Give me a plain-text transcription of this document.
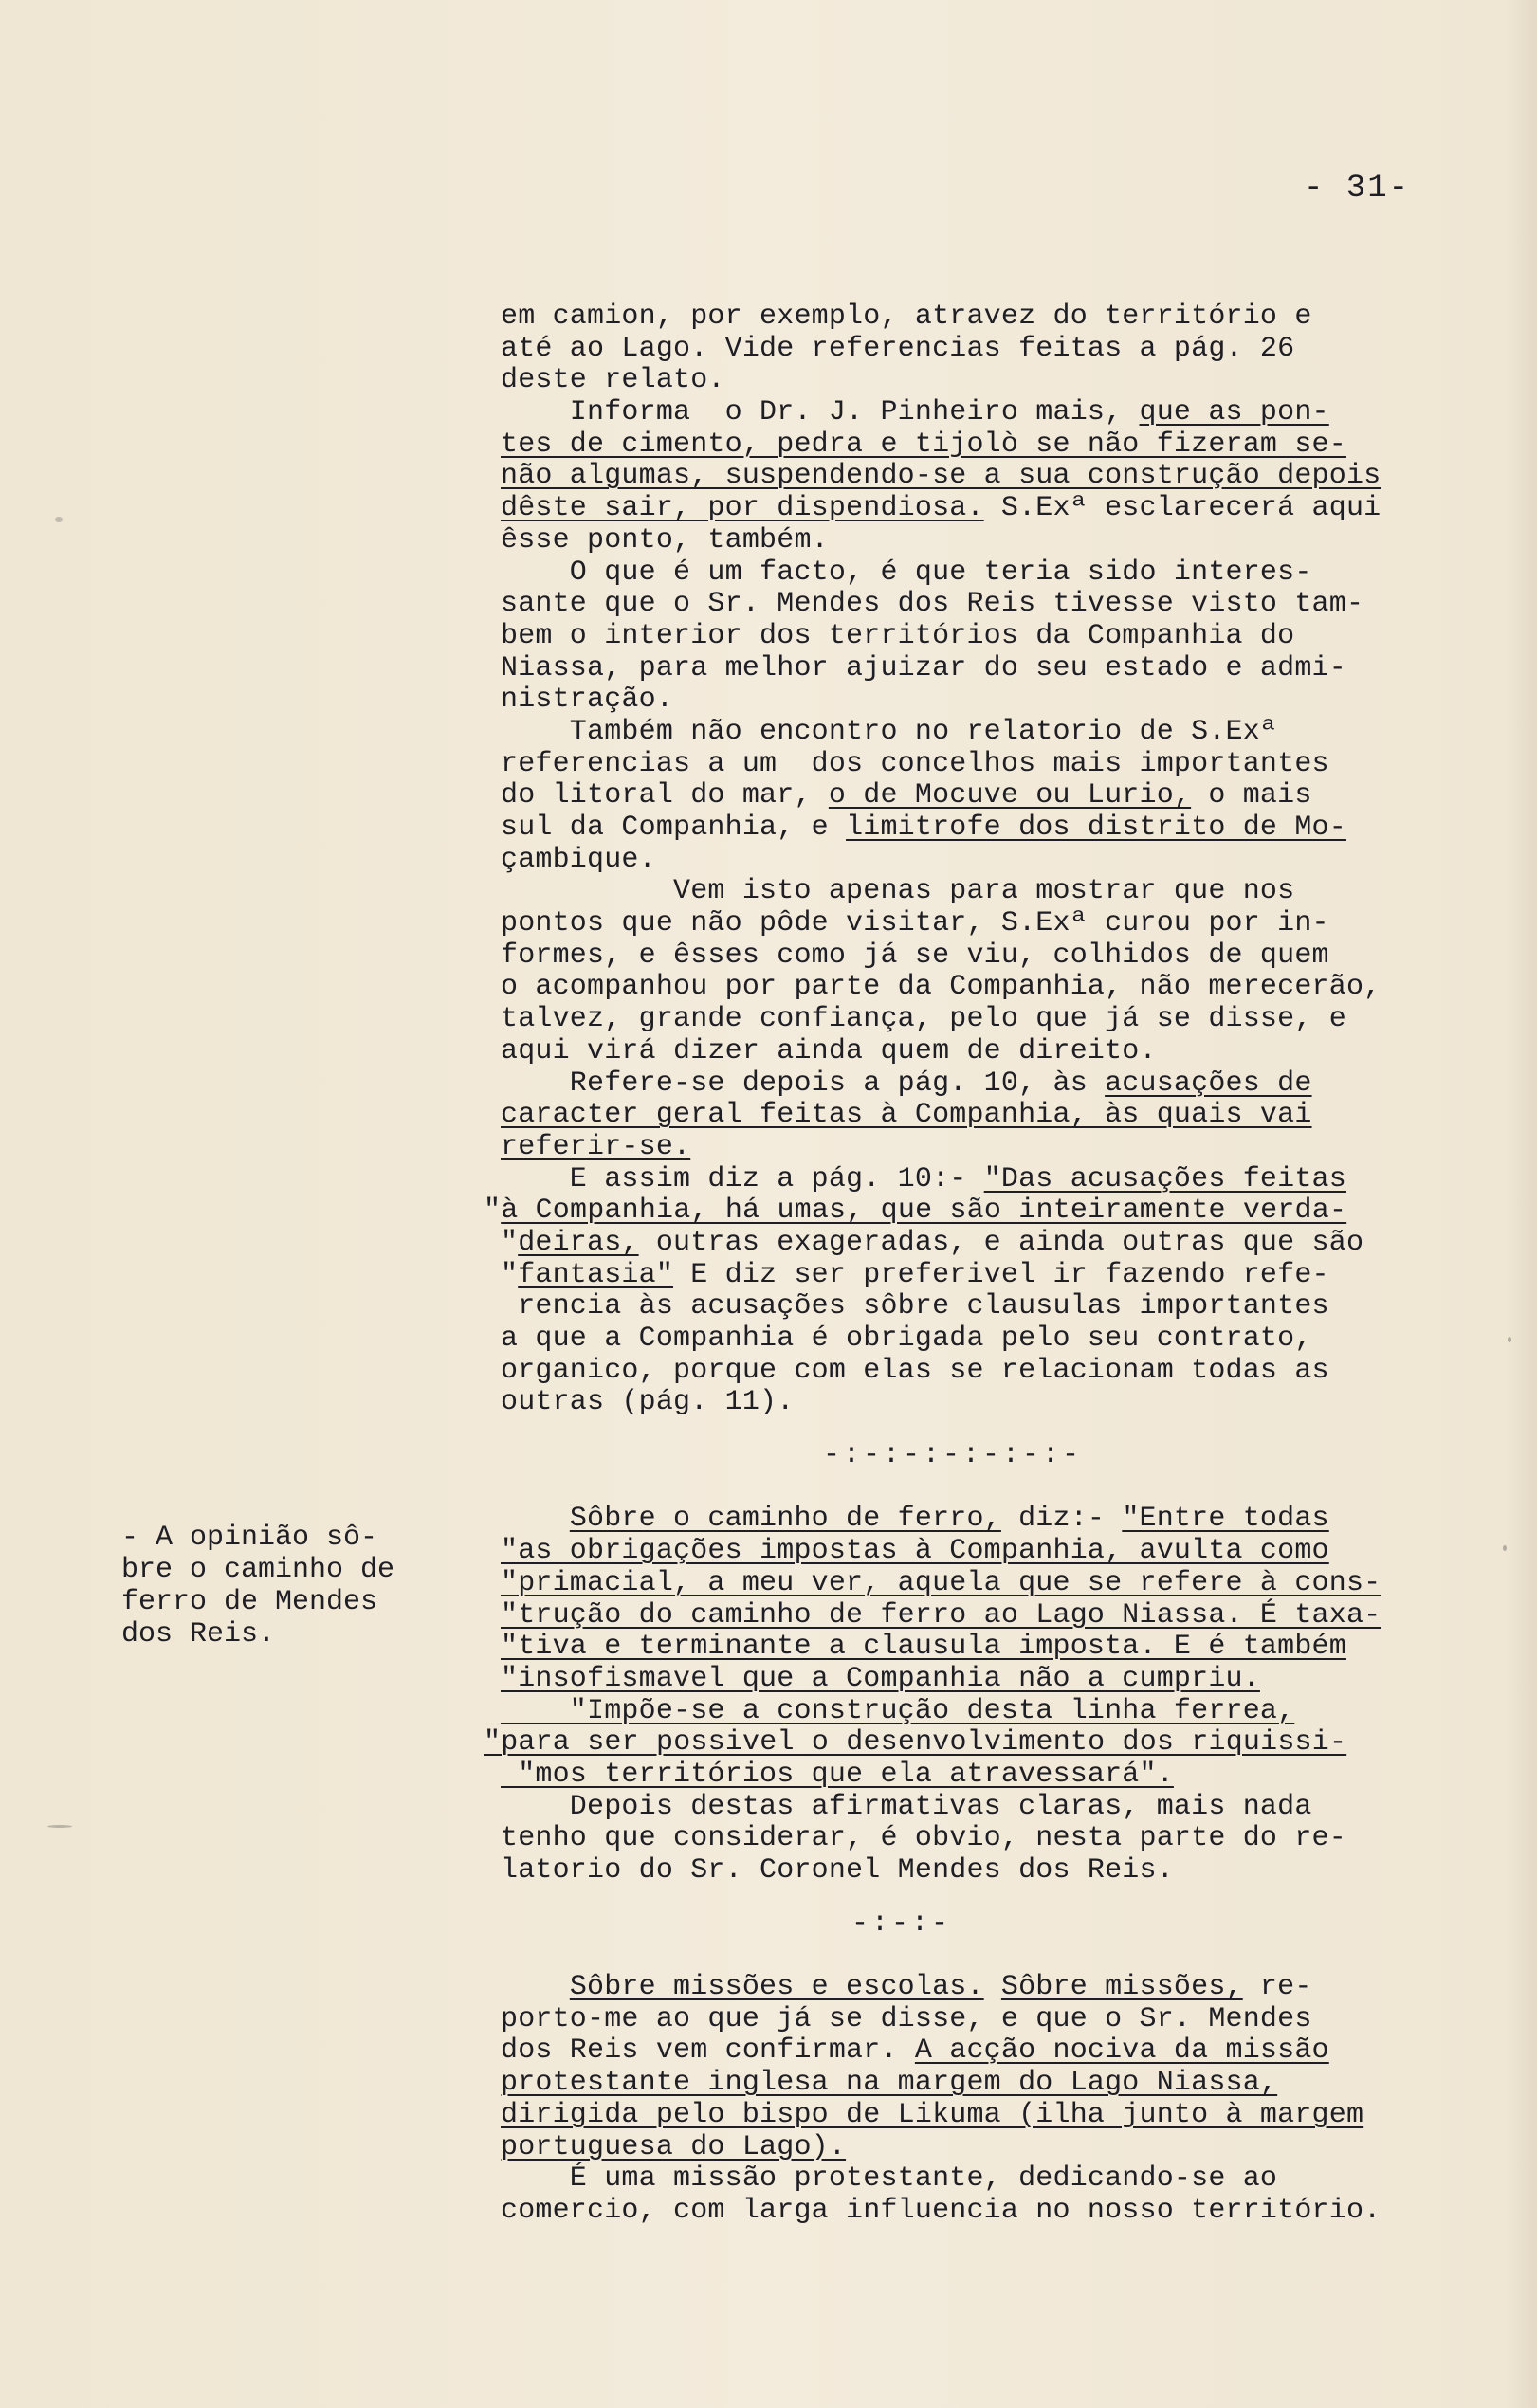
- 31-
- A opinião sô-
bre o caminho de
ferro de Mendes
dos Reis.
em camion, por exemplo, atravez do território e
até ao Lago. Vide referencias feitas a pág. 26
deste relato.
Informa  o Dr. J. Pinheiro mais, que as pon-
tes de cimento, pedra e tijolò se não fizeram se-
não algumas, suspendendo-se a sua construção depois
dêste sair, por dispendiosa. S.Exª esclarecerá aqui
êsse ponto, também.
O que é um facto, é que teria sido interes-
sante que o Sr. Mendes dos Reis tivesse visto tam-
bem o interior dos territórios da Companhia do
Niassa, para melhor ajuizar do seu estado e admi-
nistração.
Também não encontro no relatorio de S.Exª
referencias a um  dos concelhos mais importantes
do litoral do mar, o de Mocuve ou Lurio, o mais
sul da Companhia, e limitrofe dos distrito de Mo-
çambique.
Vem isto apenas para mostrar que nos
pontos que não pôde visitar, S.Exª curou por in-
formes, e êsses como já se viu, colhidos de quem
o acompanhou por parte da Companhia, não merecerão,
talvez, grande confiança, pelo que já se disse, e
aqui virá dizer ainda quem de direito.
Refere-se depois a pág. 10, às acusações de
caracter geral feitas à Companhia, às quais vai
referir-se.
E assim diz a pág. 10:- "Das acusações feitas
"à Companhia, há umas, que são inteiramente verda-
"deiras, outras exageradas, e ainda outras que são
"fantasia" E diz ser preferivel ir fazendo refe-
rencia às acusações sôbre clausulas importantes
a que a Companhia é obrigada pelo seu contrato,
organico, porque com elas se relacionam todas as
outras (pág. 11).
-:-:-:-:-:-:-
Sôbre o caminho de ferro, diz:- "Entre todas
"as obrigações impostas à Companhia, avulta como
"primacial, a meu ver, aquela que se refere à cons-
"trução do caminho de ferro ao Lago Niassa. É taxa-
"tiva e terminante a clausula imposta. E é também
"insofismavel que a Companhia não a cumpriu.
"Impõe-se a construção desta linha ferrea,
"para ser possivel o desenvolvimento dos riquissi-
"mos territórios que ela atravessará".
Depois destas afirmativas claras, mais nada
tenho que considerar, é obvio, nesta parte do re-
latorio do Sr. Coronel Mendes dos Reis.
-:-:-
Sôbre missões e escolas. Sôbre missões, re-
porto-me ao que já se disse, e que o Sr. Mendes
dos Reis vem confirmar. A acção nociva da missão
protestante inglesa na margem do Lago Niassa,
dirigida pelo bispo de Likuma (ilha junto à margem
portuguesa do Lago).
É uma missão protestante, dedicando-se ao
comercio, com larga influencia no nosso território.
